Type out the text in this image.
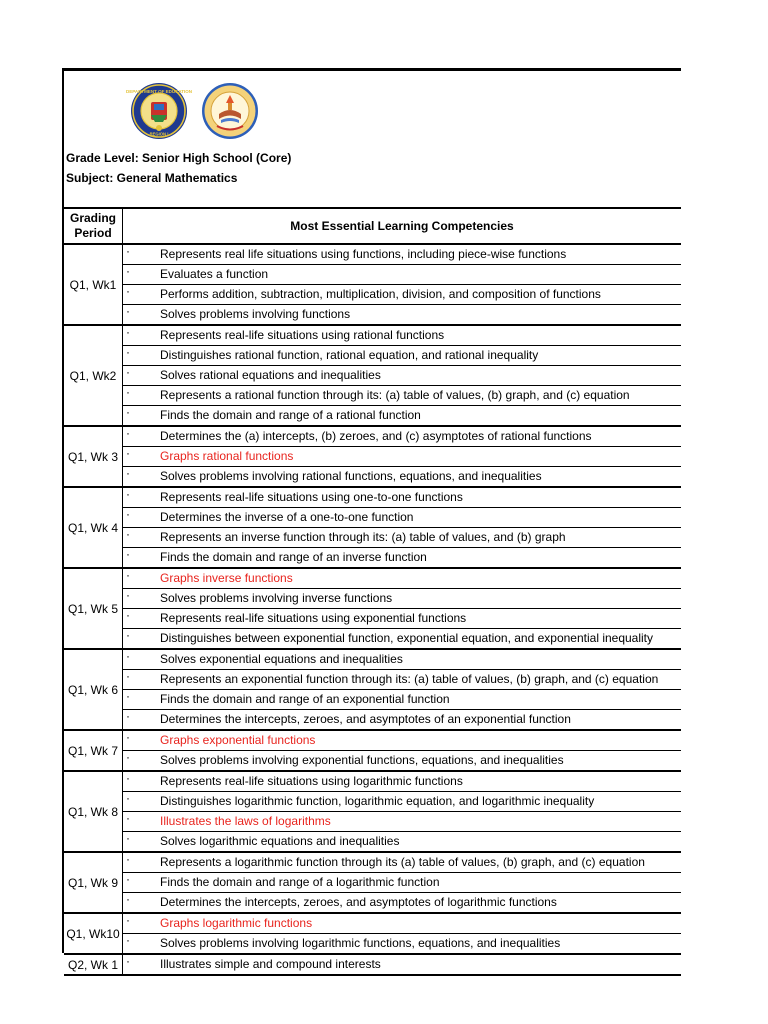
DEPARTMENT OF EDUCATION
REGION I
Grade Level: Senior High School (Core)
Subject: General Mathematics
Grading Period	Most Essential Learning Competencies
Q1, Wk1
·	Represents real life situations using functions, including piece-wise functions
·	Evaluates a function
·	Performs addition, subtraction, multiplication, division, and composition of functions
·	Solves problems involving functions
Q1, Wk2
·	Represents real-life situations using rational functions
·	Distinguishes rational function, rational equation, and rational inequality
·	Solves rational equations and inequalities
·	Represents a rational function through its: (a) table of values, (b) graph, and (c) equation
·	Finds the domain and range of a rational function
Q1, Wk 3
·	Determines the (a) intercepts, (b) zeroes, and (c) asymptotes of rational functions
·	Graphs rational functions
·	Solves problems involving rational functions, equations, and inequalities
Q1, Wk 4
·	Represents real-life situations using one-to-one functions
·	Determines the inverse of a one-to-one function
·	Represents an inverse function through its: (a) table of values, and (b) graph
·	Finds the domain and range of an inverse function
Q1, Wk 5
·	Graphs inverse functions
·	Solves problems involving inverse functions
·	Represents real-life situations using exponential functions
·	Distinguishes between exponential function, exponential equation, and exponential inequality
Q1, Wk 6
·	Solves exponential equations and inequalities
·	Represents an exponential function through its: (a) table of values, (b) graph, and (c) equation
·	Finds the domain and range of an exponential function
·	Determines the intercepts, zeroes, and asymptotes of an exponential function
Q1, Wk 7
·	Graphs exponential functions
·	Solves problems involving exponential functions, equations, and inequalities
Q1, Wk 8
·	Represents real-life situations using logarithmic functions
·	Distinguishes logarithmic function, logarithmic equation, and logarithmic inequality
·	Illustrates the laws of logarithms
·	Solves logarithmic equations and inequalities
Q1, Wk 9
·	Represents a logarithmic function through its (a) table of values, (b) graph, and (c) equation
·	Finds the domain and range of a logarithmic function
·	Determines the intercepts, zeroes, and asymptotes of logarithmic functions
Q1, Wk10
·	Graphs logarithmic functions
·	Solves problems involving logarithmic functions, equations, and inequalities
Q2, Wk 1 ·	Illustrates simple and compound interests
